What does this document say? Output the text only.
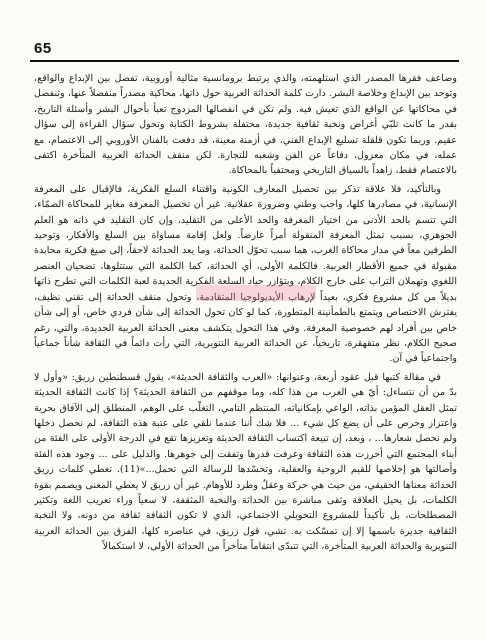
65

وضاعف فقرها المصدر الذي استلهمته، والذي يرتبط برومانسية مثالية أوروبية، تفصل بين الإبداع والواقع، وتوحد بين الإبداع وخلاصة البشر. دارت كلمة الحداثة العربية حول ذاتها، محاكية مصدراً منفصلاً عنها، وتنفصل في محاكاتها عن الواقع الذي تعيش فيه. ولم تكن في انفصالها المزدوج تعبأ بأحوال البشر وأسئلة التاريخ، بقدر ما كانت تلبّي أغراض ونخبة ثقافية جديدة، محتفلة بشروط الكتابة وتحول سؤال القراءة إلى سؤال عقيم. وربما تكون قلقلة تسليع الإبداع الفني، في أزمنة معينة، قد دفعت بالفنان الأوروبي إلى الاعتصام، مع عمله، في مكان معزول، دفاعاً عن الفن وشعبه للتجارة. لكن منقف الحداثة العربية المتأخرة اكتفى بالاعتصام فقط، زاهداً بالسياق التاريخي ومحتفياً بالمحاكاة.

وبالتأكيد، فلا علاقة تذكر بين تحصيل المعارف الكونية واقتناء السلع الفكرية، فالإقبال على المعرفة الإنسانية، في مصادرها كلها، واجب وطني وضرورة عقلانية. غير أن تحصيل المعرفة مغاير للمحاكاة الصمّاء، التي تتسم بالحد الأدنى من اختيار المعرفة والحد الأعلى من التقليد، وإن كان التقليد في ذاته هو العلم الجوهري، بسبب تمثل المعرفة المنقولة أمراً عارضاً. ولعل إقامة مساواة بين السلع والأفكار، وتوحيد الطرفين معاً في مدار محاكاة الغرب، هما سبب تحوّل الحداثة، وما يعد الحداثة لاحقاً، إلى صيغ فكرية محايدة مقبولة في جميع الأقطار العربية. فالكلمة الأولى، أي الحداثة، كما الكلمة التي ستتلوها، تضحيان العنصر اللغوي وتهملان التراب على خارج الكلام، ويتؤازر حياد السلعة الفكرية الجديدة لعبة الكلمات التي تطرح ذاتها بديلاً من كل مشروع فكري، بعيداً لإرهاب الأيديولوجيا المتقادمة، وتحول منقف الحداثة إلى تقني نظيف، يفترش الاختصاص ويتمتع بالطمأنينة المتطورة، كما لو كان تحول الحداثة إلى شأن فردي خاص، أو إلى شأن خاص بين أفراد لهم خصوصية المعرفة. وفي هذا التحول يتكشف معنى الحداثة العربية الجديدة، والتي، رغم صحيح الكلام، نظر متقهقرة، تاريخياً، عن الحداثة العربية التنويرية، التي رأت دائماً في الثقافة شأناً جماعياً واجتماعياً في آن.

في مقالة كتبها قبل عقود أربعة، وعنوانها: «العرب والثقافة الحديثة»، يقول قسطنطين زريق: «وأول لا بدّ من أن نتساءل: أيّ هي العرب من هذا كله، وما موقفهم من الثقافة الحديثة؟ إذا كانت الثقافة الحديثة تمثل العقل المؤمن بذاته، الواعي بإمكانياته، المنتظم التامي، التغلّب على الوهم، المنطلق إلى الآفاق بحرية واعتزاز وحرص على أن يضع كل شيء ... فلا شك أننا عندما نلقي على عتبة هذه الثقافة، لم نحصل دخلها ولم نحصل شعارها... ، وبعد، إن تبيعة اكتساب الثقافة الحديثة وتعزيزها تقع في الدرجة الأولى على الفئة من أبناء المجتمع التي أحرزت هذه الثقافة وعرفت قدرها وتفقت إلى جوهرها. والدليل على ... وجود هذه الفئة وأصالتها هو إخلاصها للقيم الروحية والعقلية، وتحسّدها للرسالة التي تحمل...»(11). تعطي كلمات زريق الحداثة معناها الحقيقي، من حيث هي حركة وعقلٌ وطرد للأوهام. غير أن زريق لا يعطي المعنى ويصمم بقوة الكلمات، بل يحيل العلاقة وثقى مباشرة بين الحداثة والنخبة المثقفة، لا سعياً وراء تعريب اللغة وتكثير المصطلحات، بل تأكيداً للمشروع التحويلي الاجتماعي، الذي لا تكون الثقافة ثقافة من دونه، ولا النخبة الثقافية جديرة باسمها إلا إن تمسّكت به. تشي، قول زريق، في عناصره كلها، الفرق بين الحداثة العربية التنويرية والحداثة العربية المتأخرة، التي تتبدّى انتقاماً متأخراً من الحداثة الأولى، لا استكمالاً
